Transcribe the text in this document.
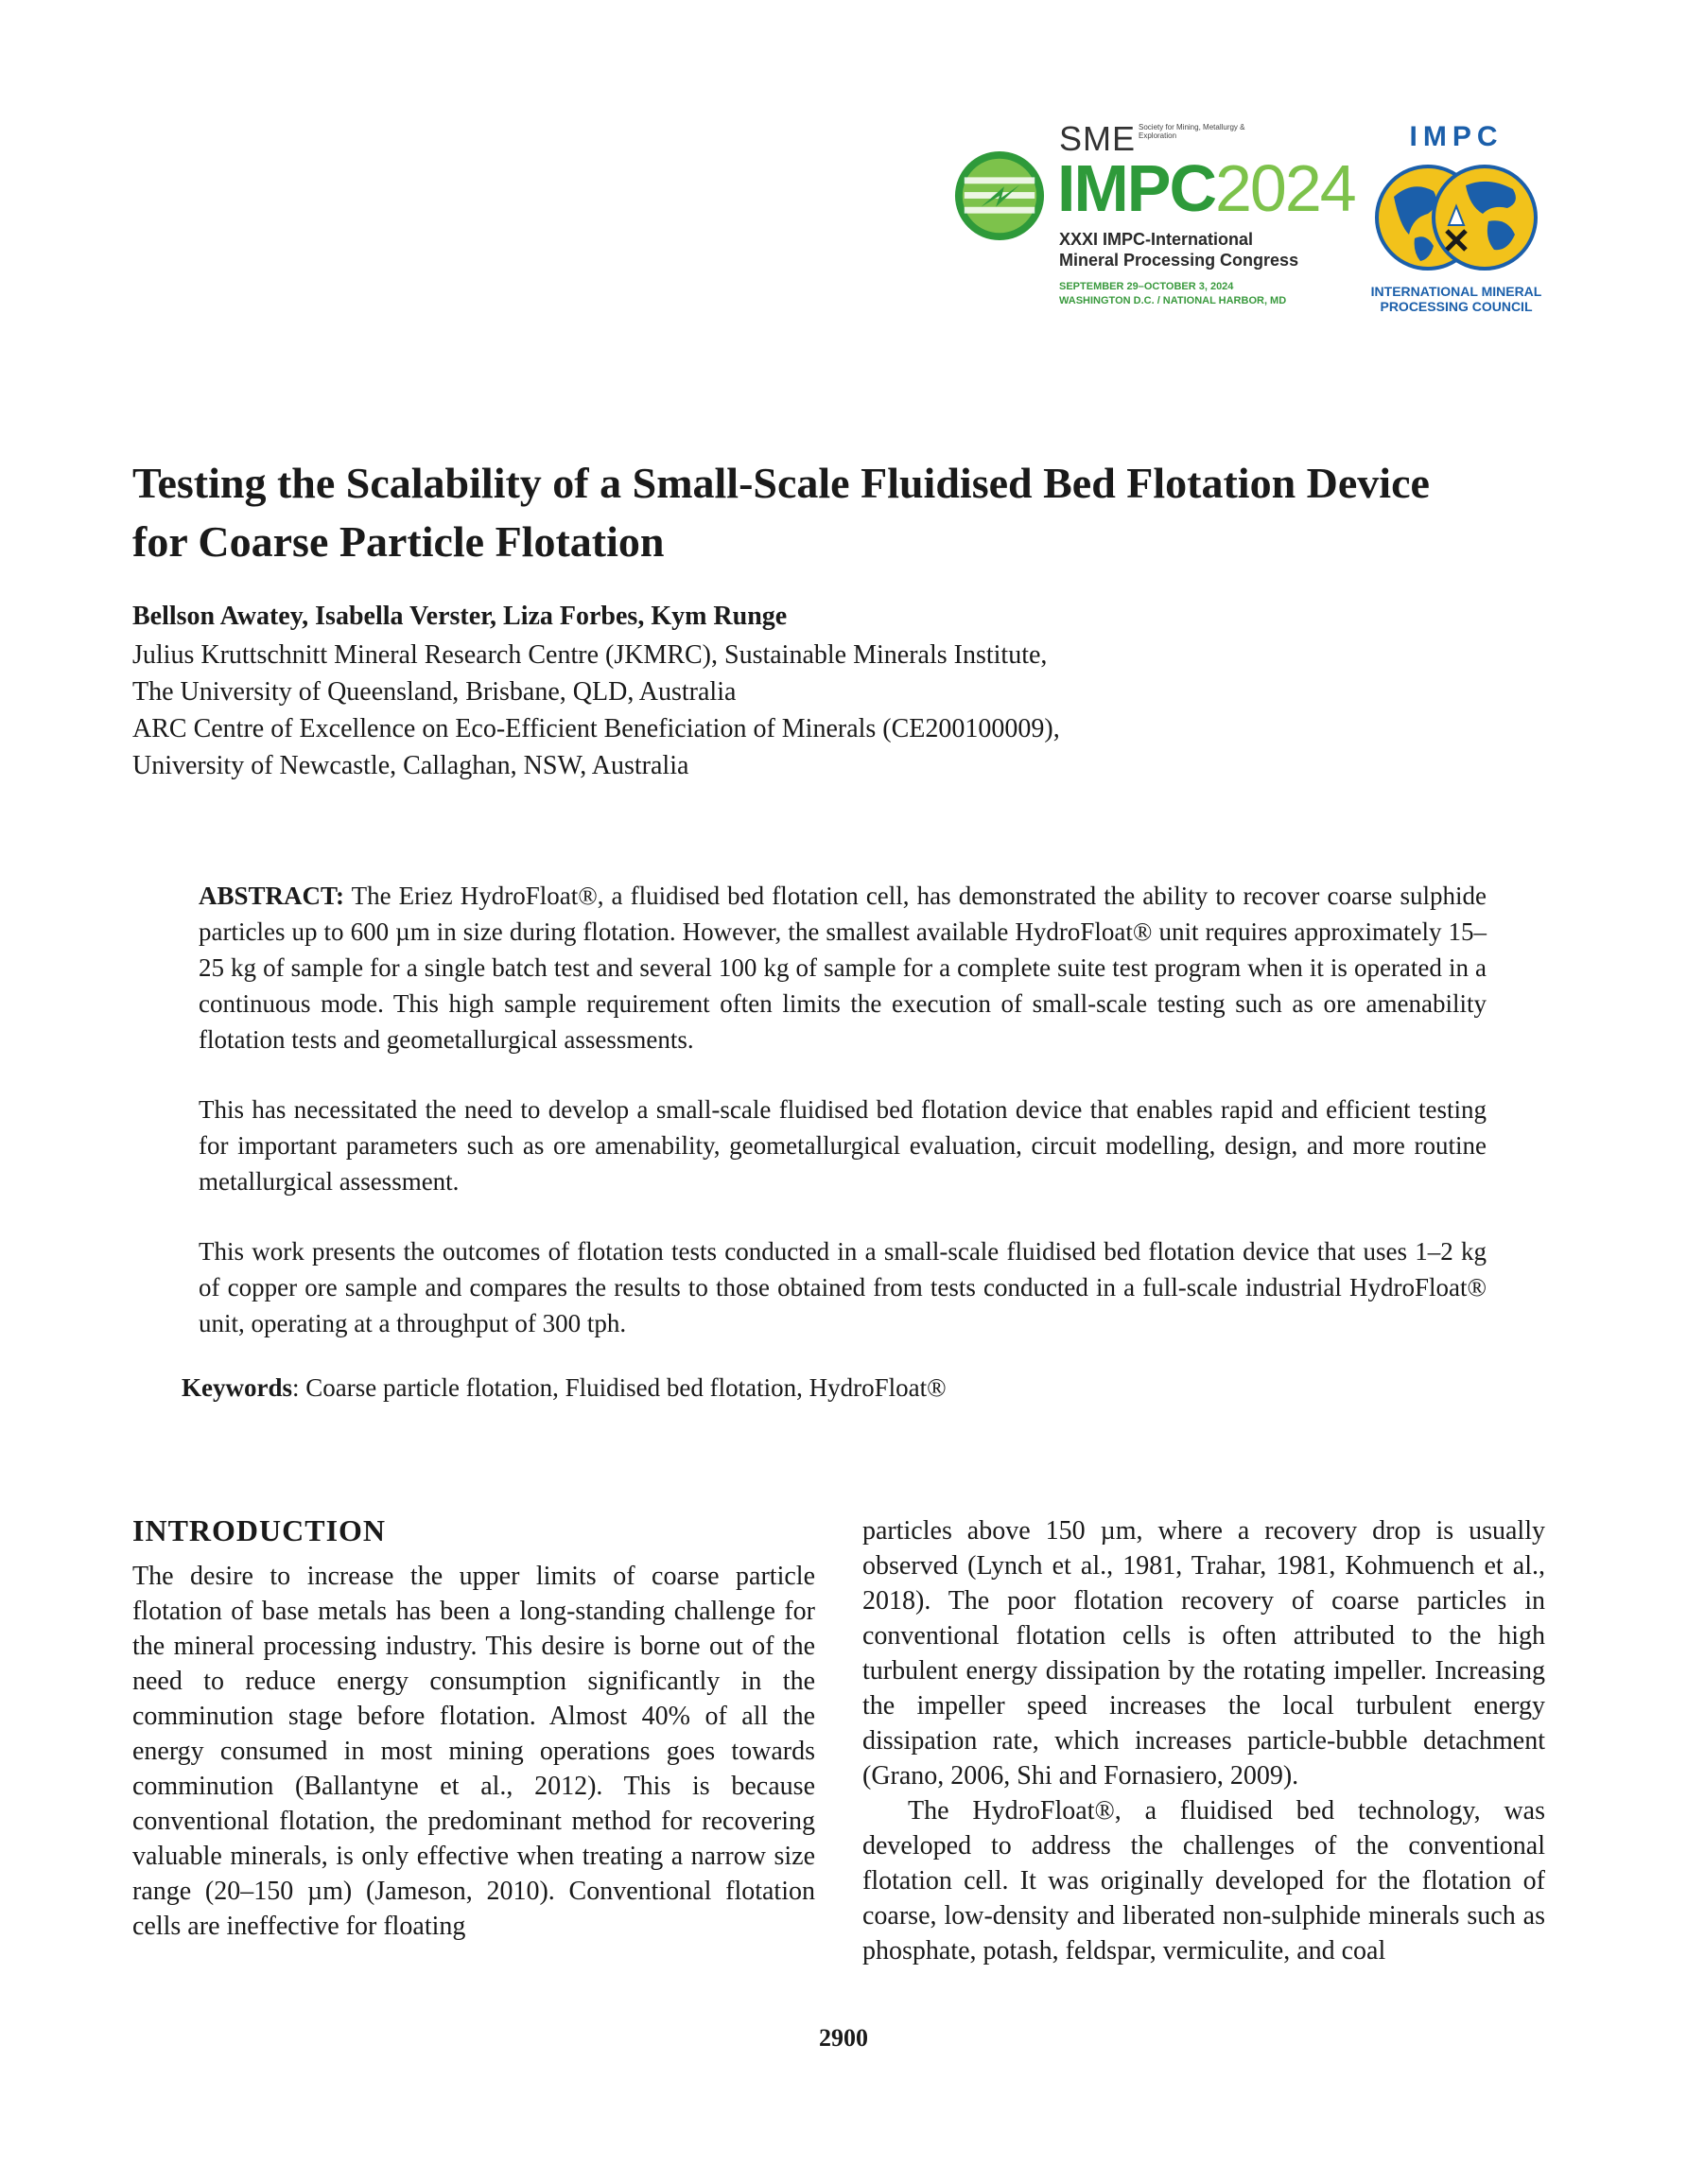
SME Society for Mining, Metallurgy & Exploration
IMPC2024
XXXI IMPC-International
Mineral Processing Congress
SEPTEMBER 29–OCTOBER 3, 2024
WASHINGTON D.C. / NATIONAL HARBOR, MD
IMPC
INTERNATIONAL MINERAL
PROCESSING COUNCIL
Testing the Scalability of a Small-Scale Fluidised Bed Flotation Device for Coarse Particle Flotation
Bellson Awatey, Isabella Verster, Liza Forbes, Kym Runge
Julius Kruttschnitt Mineral Research Centre (JKMRC), Sustainable Minerals Institute,
The University of Queensland, Brisbane, QLD, Australia
ARC Centre of Excellence on Eco-Efficient Beneficiation of Minerals (CE200100009),
University of Newcastle, Callaghan, NSW, Australia

ABSTRACT: The Eriez HydroFloat®, a fluidised bed flotation cell, has demonstrated the ability to recover coarse sulphide particles up to 600 µm in size during flotation. However, the smallest available HydroFloat® unit requires approximately 15–25 kg of sample for a single batch test and several 100 kg of sample for a complete suite test program when it is operated in a continuous mode. This high sample requirement often limits the execution of small-scale testing such as ore amenability flotation tests and geometallurgical assessments.

This has necessitated the need to develop a small-scale fluidised bed flotation device that enables rapid and efficient testing for important parameters such as ore amenability, geometallurgical evaluation, circuit modelling, design, and more routine metallurgical assessment.

This work presents the outcomes of flotation tests conducted in a small-scale fluidised bed flotation device that uses 1–2 kg of copper ore sample and compares the results to those obtained from tests conducted in a full-scale industrial HydroFloat® unit, operating at a throughput of 300 tph.

Keywords: Coarse particle flotation, Fluidised bed flotation, HydroFloat®
INTRODUCTION

The desire to increase the upper limits of coarse particle flotation of base metals has been a long-standing challenge for the mineral processing industry. This desire is borne out of the need to reduce energy consumption significantly in the comminution stage before flotation. Almost 40% of all the energy consumed in most mining operations goes towards comminution (Ballantyne et al., 2012). This is because conventional flotation, the predominant method for recovering valuable minerals, is only effective when treating a narrow size range (20–150 µm) (Jameson, 2010). Conventional flotation cells are ineffective for floating

particles above 150 µm, where a recovery drop is usually observed (Lynch et al., 1981, Trahar, 1981, Kohmuench et al., 2018). The poor flotation recovery of coarse particles in conventional flotation cells is often attributed to the high turbulent energy dissipation by the rotating impeller. Increasing the impeller speed increases the local turbulent energy dissipation rate, which increases particle-bubble detachment (Grano, 2006, Shi and Fornasiero, 2009).

The HydroFloat®, a fluidised bed technology, was developed to address the challenges of the conventional flotation cell. It was originally developed for the flotation of coarse, low-density and liberated non-sulphide minerals such as phosphate, potash, feldspar, vermiculite, and coal

2900
